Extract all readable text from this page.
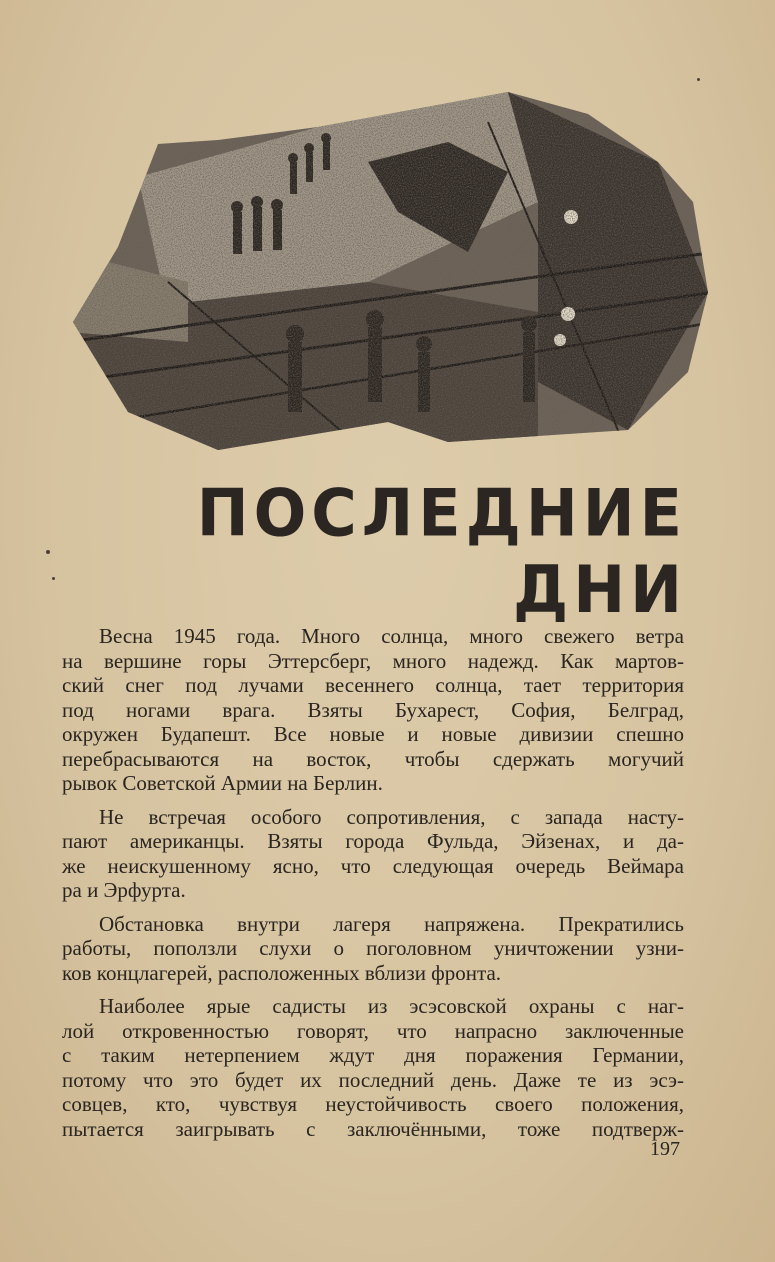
ПОСЛЕДНИЕ ДНИ

Весна 1945 года. Много солнца, много свежего ветра
на вершине горы Эттерсберг, много надежд. Как мартов-
ский снег под лучами весеннего солнца, тает территория
под ногами врага. Взяты Бухарест, София, Белград,
окружен Будапешт. Все новые и новые дивизии спешно
перебрасываются на восток, чтобы сдержать могучий
рывок Советской Армии на Берлин.

Не встречая особого сопротивления, с запада насту-
пают американцы. Взяты города Фульда, Эйзенах, и да-
же неискушенному ясно, что следующая очередь Веймара
ра и Эрфурта.

Обстановка внутри лагеря напряжена. Прекратились
работы, поползли слухи о поголовном уничтожении узни-
ков концлагерей, расположенных вблизи фронта.

Наиболее ярые садисты из эсэсовской охраны с наг-
лой откровенностью говорят, что напрасно заключенные
с таким нетерпением ждут дня поражения Германии,
потому что это будет их последний день. Даже те из эсэ-
совцев, кто, чувствуя неустойчивость своего положения,
пытается заигрывать с заключёнными, тоже подтверж-

197
